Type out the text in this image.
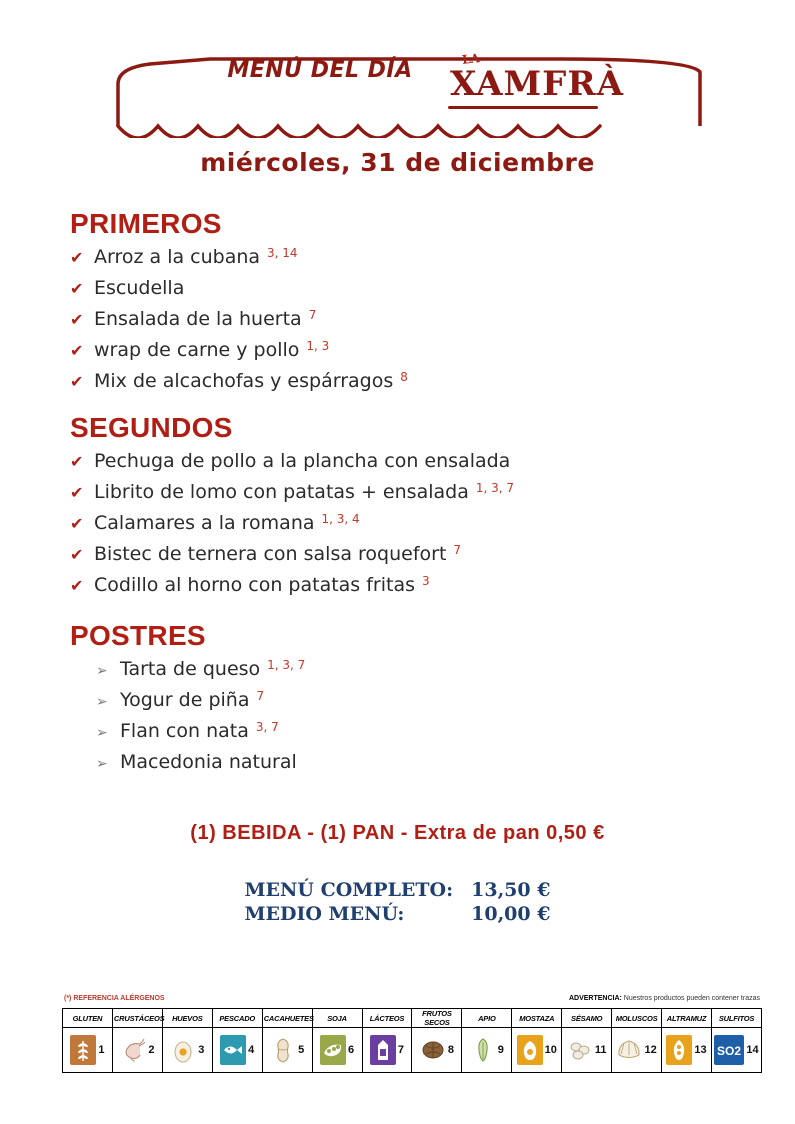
MENÚ DEL DÍA	LA
XAMFRÀ
miércoles, 31 de diciembre
PRIMEROS
✔ Arroz a la cubana 3, 14
✔ Escudella
✔ Ensalada de la huerta 7
✔ wrap de carne y pollo 1, 3
✔ Mix de alcachofas y espárragos 8
SEGUNDOS
✔ Pechuga de pollo a la plancha con ensalada
✔ Librito de lomo con patatas + ensalada 1, 3, 7
✔ Calamares a la romana 1, 3, 4
✔ Bistec de ternera con salsa roquefort 7
✔ Codillo al horno con patatas fritas 3
POSTRES
➢ Tarta de queso 1, 3, 7
➢ Yogur de piña 7
➢ Flan con nata 3, 7
➢ Macedonia natural
(1) BEBIDA - (1) PAN - Extra de pan 0,50 €
MENÚ COMPLETO:	13,50 €
MEDIO MENÚ:	10,00 €
(*) REFERENCIA ALÉRGENOS	ADVERTENCIA: Nuestros productos pueden contener trazas
GLUTEN	CRUSTÁCEOS	HUEVOS	PESCADO	CACAHUETES	SOJA	LÁCTEOS	FRUTOS SECOS	APIO	MOSTAZA	SÉSAMO	MOLUSCOS	ALTRAMUZ	SULFITOS

1	2	3	4	5	6	7	8	9	10	11	12	13	SO2 14
